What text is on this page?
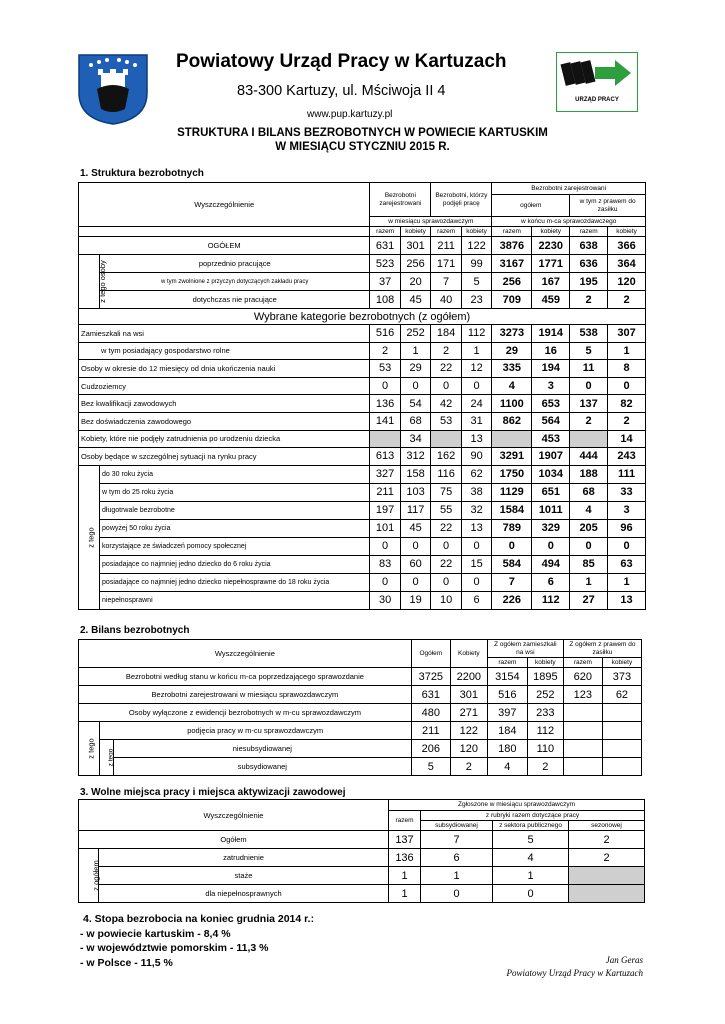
Powiatowy Urząd Pracy w Kartuzach
83-300 Kartuzy, ul. Mściwoja II 4
www.pup.kartuzy.pl
URZĄD PRACY
STRUKTURA I BILANS BEZROBOTNYCH W POWIECIE KARTUSKIM
W MIESIĄCU STYCZNIU 2015 R.
1. Struktura bezrobotnych
Wyszczególnienie		Bezrobotni zarejestrowani		Bezrobotni, którzy podjęli pracę		Bezrobotni zarejestrowani			
						ogółem		w tym z prawem do zasiłku	
		w miesiącu sprawozdawczym				w końcu m-ca sprawozdawczego			
		razem	kobiety	razem	kobiety	razem	kobiety	razem	kobiety
OGÓŁEM		631	301	211	122	3876	2230	638	366
z tego osoby	poprzednio pracujące	523	256	171	99	3167	1771	636	364
	w tym zwolnione z przyczyn dotyczących zakładu pracy	37	20	7	5	256	167	195	120
	dotychczas nie pracujące	108	45	40	23	709	459	2	2
Wybrane kategorie bezrobotnych (z ogółem)									
Zamieszkali na wsi		516	252	184	112	3273	1914	538	307
w tym posiadający gospodarstwo rolne		2	1	2	1	29	16	5	1
Osoby w okresie do 12 miesięcy od dnia ukończenia nauki		53	29	22	12	335	194	11	8
Cudzoziemcy		0	0	0	0	4	3	0	0
Bez kwalifikacji zawodowych		136	54	42	24	1100	653	137	82
Bez doświadczenia zawodowego		141	68	53	31	862	564	2	2
Kobiety, które nie podjęły zatrudnienia po urodzeniu dziecka			34		13		453		14
Osoby będące w szczególnej sytuacji na rynku pracy		613	312	162	90	3291	1907	444	243
z tego	do 30 roku życia	327	158	116	62	1750	1034	188	111
	w tym do 25 roku życia	211	103	75	38	1129	651	68	33
	długotrwale bezrobotne	197	117	55	32	1584	1011	4	3
	powyżej 50 roku życia	101	45	22	13	789	329	205	96
	korzystające ze świadczeń pomocy społecznej	0	0	0	0	0	0	0	0
	posiadające co najmniej jedno dziecko do 6 roku życia	83	60	22	15	584	494	85	63
	posiadające co najmniej jedno dziecko niepełnosprawne do 18 roku życia	0	0	0	0	7	6	1	1
	niepełnosprawni	30	19	10	6	226	112	27	13
2. Bilans bezrobotnych
Wyszczególnienie			Ogółem	Kobiety	Z ogółem zamieszkali na wsi		Z ogółem z prawem do zasiłku	
					razem	kobiety	razem	kobiety
Bezrobotni według stanu w końcu m-ca poprzedzającego sprawozdanie			3725	2200	3154	1895	620	373
Bezrobotni zarejestrowani w miesiącu sprawozdawczym			631	301	516	252	123	62
Osoby wyłączone z ewidencji bezrobotnych w m-cu sprawozdawczym			480	271	397	233		
z tego	podjęcia pracy w m-cu sprawozdawczym		211	122	184	112		
	z tego	niesubsydiowanej	206	120	180	110		
		subsydiowanej	5	2	4	2		
3. Wolne miejsca pracy i miejsca aktywizacji zawodowej
Wyszczególnienie		Zgłoszone w miesiącu sprawozdawczym			
		razem	z rubryki razem dotyczące pracy		
			subsydiowanej	z sektora publicznego	sezonowej
Ogółem		137	7	5	2
z ogółem	zatrudnienie	136	6	4	2
	staże	1	1	1	
	dla niepełnosprawnych	1	0	0	
4. Stopa bezrobocia na koniec grudnia 2014 r.:
- w powiecie kartuskim - 8,4 %
- w województwie pomorskim - 11,3 %
- w Polsce - 11,5 %	Jan Geras
Powiatowy Urząd Pracy w Kartuzach
